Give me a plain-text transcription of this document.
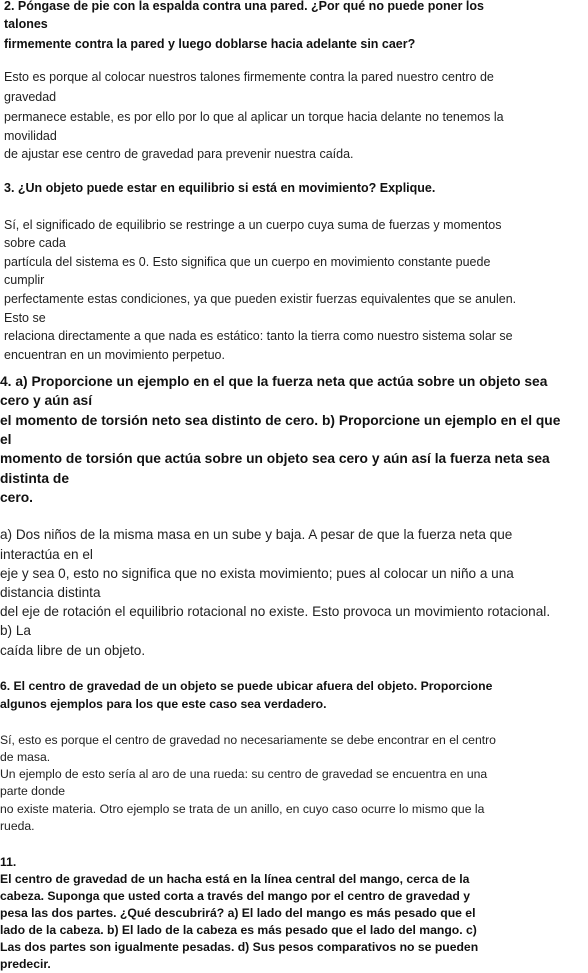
2. Póngase de pie con la espalda contra una pared. ¿Por qué no puede poner los
talones
firmemente contra la pared y luego doblarse hacia adelante sin caer?
Esto es porque al colocar nuestros talones firmemente contra la pared nuestro centro de
gravedad
permanece estable, es por ello por lo que al aplicar un torque hacia delante no tenemos la
movilidad
de ajustar ese centro de gravedad para prevenir nuestra caída.
3. ¿Un objeto puede estar en equilibrio si está en movimiento? Explique.
Sí, el significado de equilibrio se restringe a un cuerpo cuya suma de fuerzas y momentos
sobre cada
partícula del sistema es 0. Esto significa que un cuerpo en movimiento constante puede
cumplir
perfectamente estas condiciones, ya que pueden existir fuerzas equivalentes que se anulen.
Esto se
relaciona directamente a que nada es estático: tanto la tierra como nuestro sistema solar se
encuentran en un movimiento perpetuo.
4. a) Proporcione un ejemplo en el que la fuerza neta que actúa sobre un objeto sea
cero y aún así
el momento de torsión neto sea distinto de cero. b) Proporcione un ejemplo en el que
el
momento de torsión que actúa sobre un objeto sea cero y aún así la fuerza neta sea
distinta de
cero.
a) Dos niños de la misma masa en un sube y baja. A pesar de que la fuerza neta que
interactúa en el
eje y sea 0, esto no significa que no exista movimiento; pues al colocar un niño a una
distancia distinta
del eje de rotación el equilibrio rotacional no existe. Esto provoca un movimiento rotacional.
b) La
caída libre de un objeto.
6. El centro de gravedad de un objeto se puede ubicar afuera del objeto. Proporcione
algunos ejemplos para los que este caso sea verdadero.
Sí, esto es porque el centro de gravedad no necesariamente se debe encontrar en el centro
de masa.
Un ejemplo de esto sería al aro de una rueda: su centro de gravedad se encuentra en una
parte donde
no existe materia. Otro ejemplo se trata de un anillo, en cuyo caso ocurre lo mismo que la
rueda.
11.
El centro de gravedad de un hacha está en la línea central del mango, cerca de la
cabeza. Suponga que usted corta a través del mango por el centro de gravedad y
pesa las dos partes. ¿Qué descubrirá? a) El lado del mango es más pesado que el
lado de la cabeza. b) El lado de la cabeza es más pesado que el lado del mango. c)
Las dos partes son igualmente pesadas. d) Sus pesos comparativos no se pueden
predecir.
